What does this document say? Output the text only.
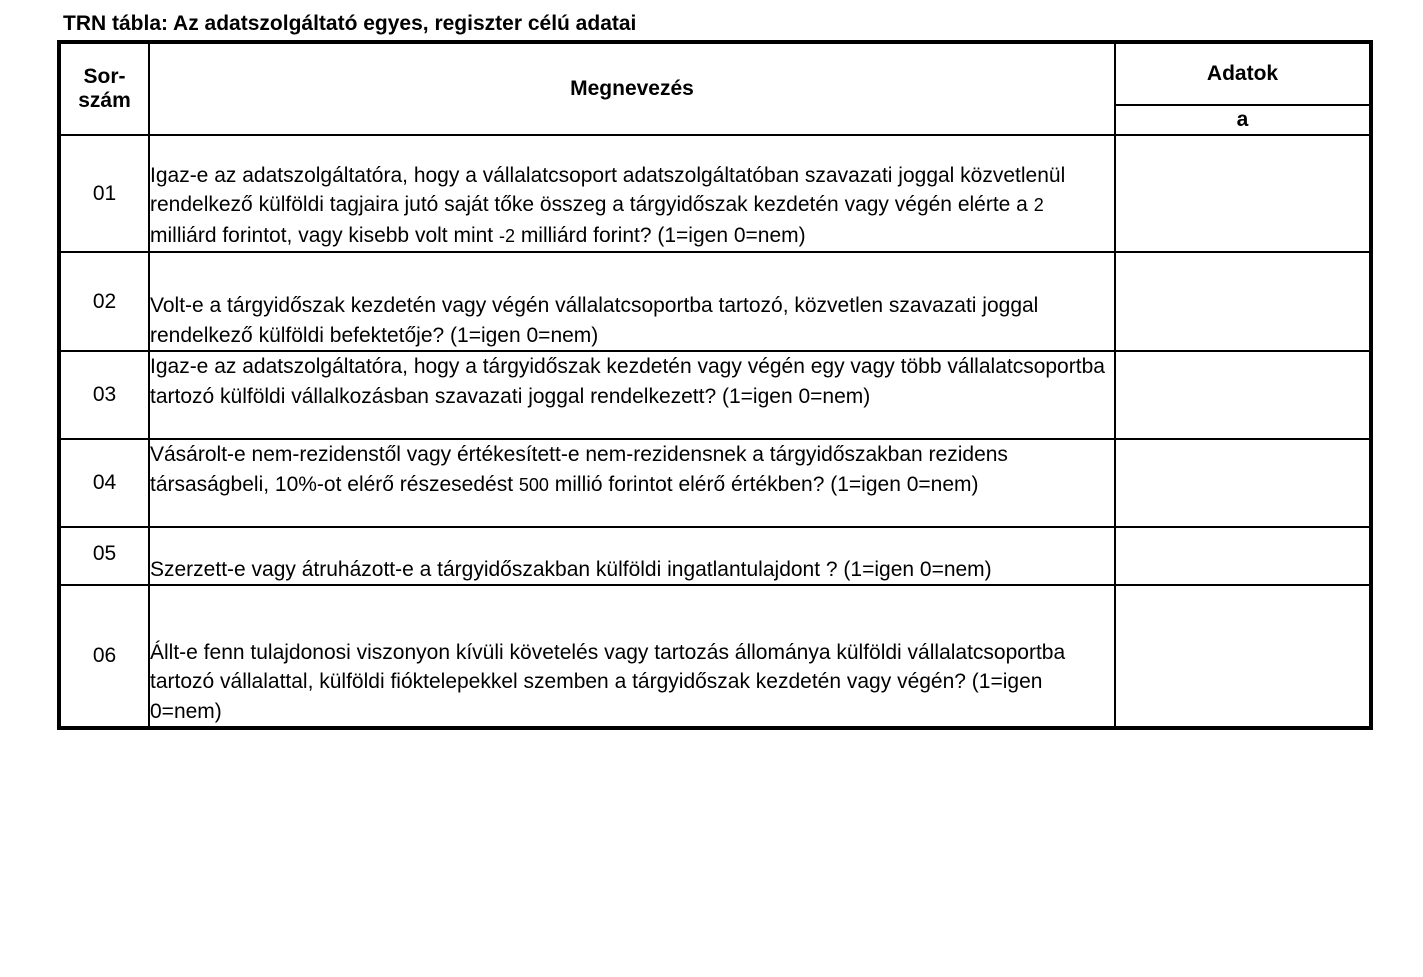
TRN tábla: Az adatszolgáltató egyes, regiszter célú adatai
Sor-
szám	Megnevezés	Adatok
		a
01	Igaz-e az adatszolgáltatóra, hogy a vállalatcsoport adatszolgáltatóban szavazati joggal közvetlenül rendelkező külföldi tagjaira jutó saját tőke összeg a tárgyidőszak kezdetén vagy végén elérte a 2 milliárd forintot, vagy kisebb volt mint -2 milliárd forint? (1=igen 0=nem)	
02	Volt-e a tárgyidőszak kezdetén vagy végén vállalatcsoportba tartozó, közvetlen szavazati joggal rendelkező külföldi befektetője? (1=igen 0=nem)	
03	Igaz-e az adatszolgáltatóra, hogy a tárgyidőszak kezdetén vagy végén egy vagy több vállalatcsoportba tartozó külföldi vállalkozásban szavazati joggal rendelkezett? (1=igen 0=nem)	
04	Vásárolt-e nem-rezidenstől vagy értékesített-e nem-rezidensnek a tárgyidőszakban rezidens társaságbeli, 10%-ot elérő részesedést 500 millió forintot elérő értékben? (1=igen 0=nem)	
05	Szerzett-e vagy átruházott-e a tárgyidőszakban külföldi ingatlantulajdont ? (1=igen 0=nem)	
06	Állt-e fenn tulajdonosi viszonyon kívüli követelés vagy tartozás állománya külföldi vállalatcsoportba tartozó vállalattal, külföldi fióktelepekkel szemben a tárgyidőszak kezdetén vagy végén? (1=igen 0=nem)	
